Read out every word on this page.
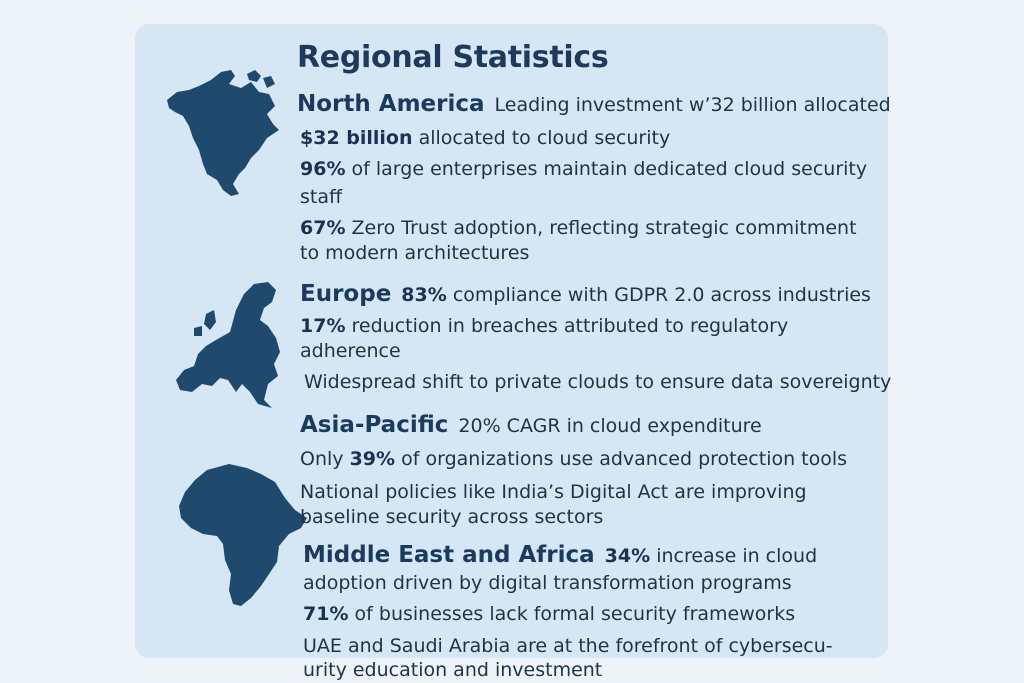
Regional Statistics

North America Leading investment w’32 billion allocated

$32 billion allocated to cloud security

96% of large enterprises maintain dedicated cloud security

staff

67% Zero Trust adoption, reflecting strategic commitment

to modern architectures

Europe 83% compliance with GDPR 2.0 across industries

17% reduction in breaches attributed to regulatory

adherence

Widespread shift to private clouds to ensure data sovereignty

Asia-Pacific 20% CAGR in cloud expenditure

Only 39% of organizations use advanced protection tools

National policies like India’s Digital Act are improving

baseline security across sectors

Middle East and Africa 34% increase in cloud

adoption driven by digital transformation programs

71% of businesses lack formal security frameworks

UAE and Saudi Arabia are at the forefront of cybersecu-

urity education and investment
